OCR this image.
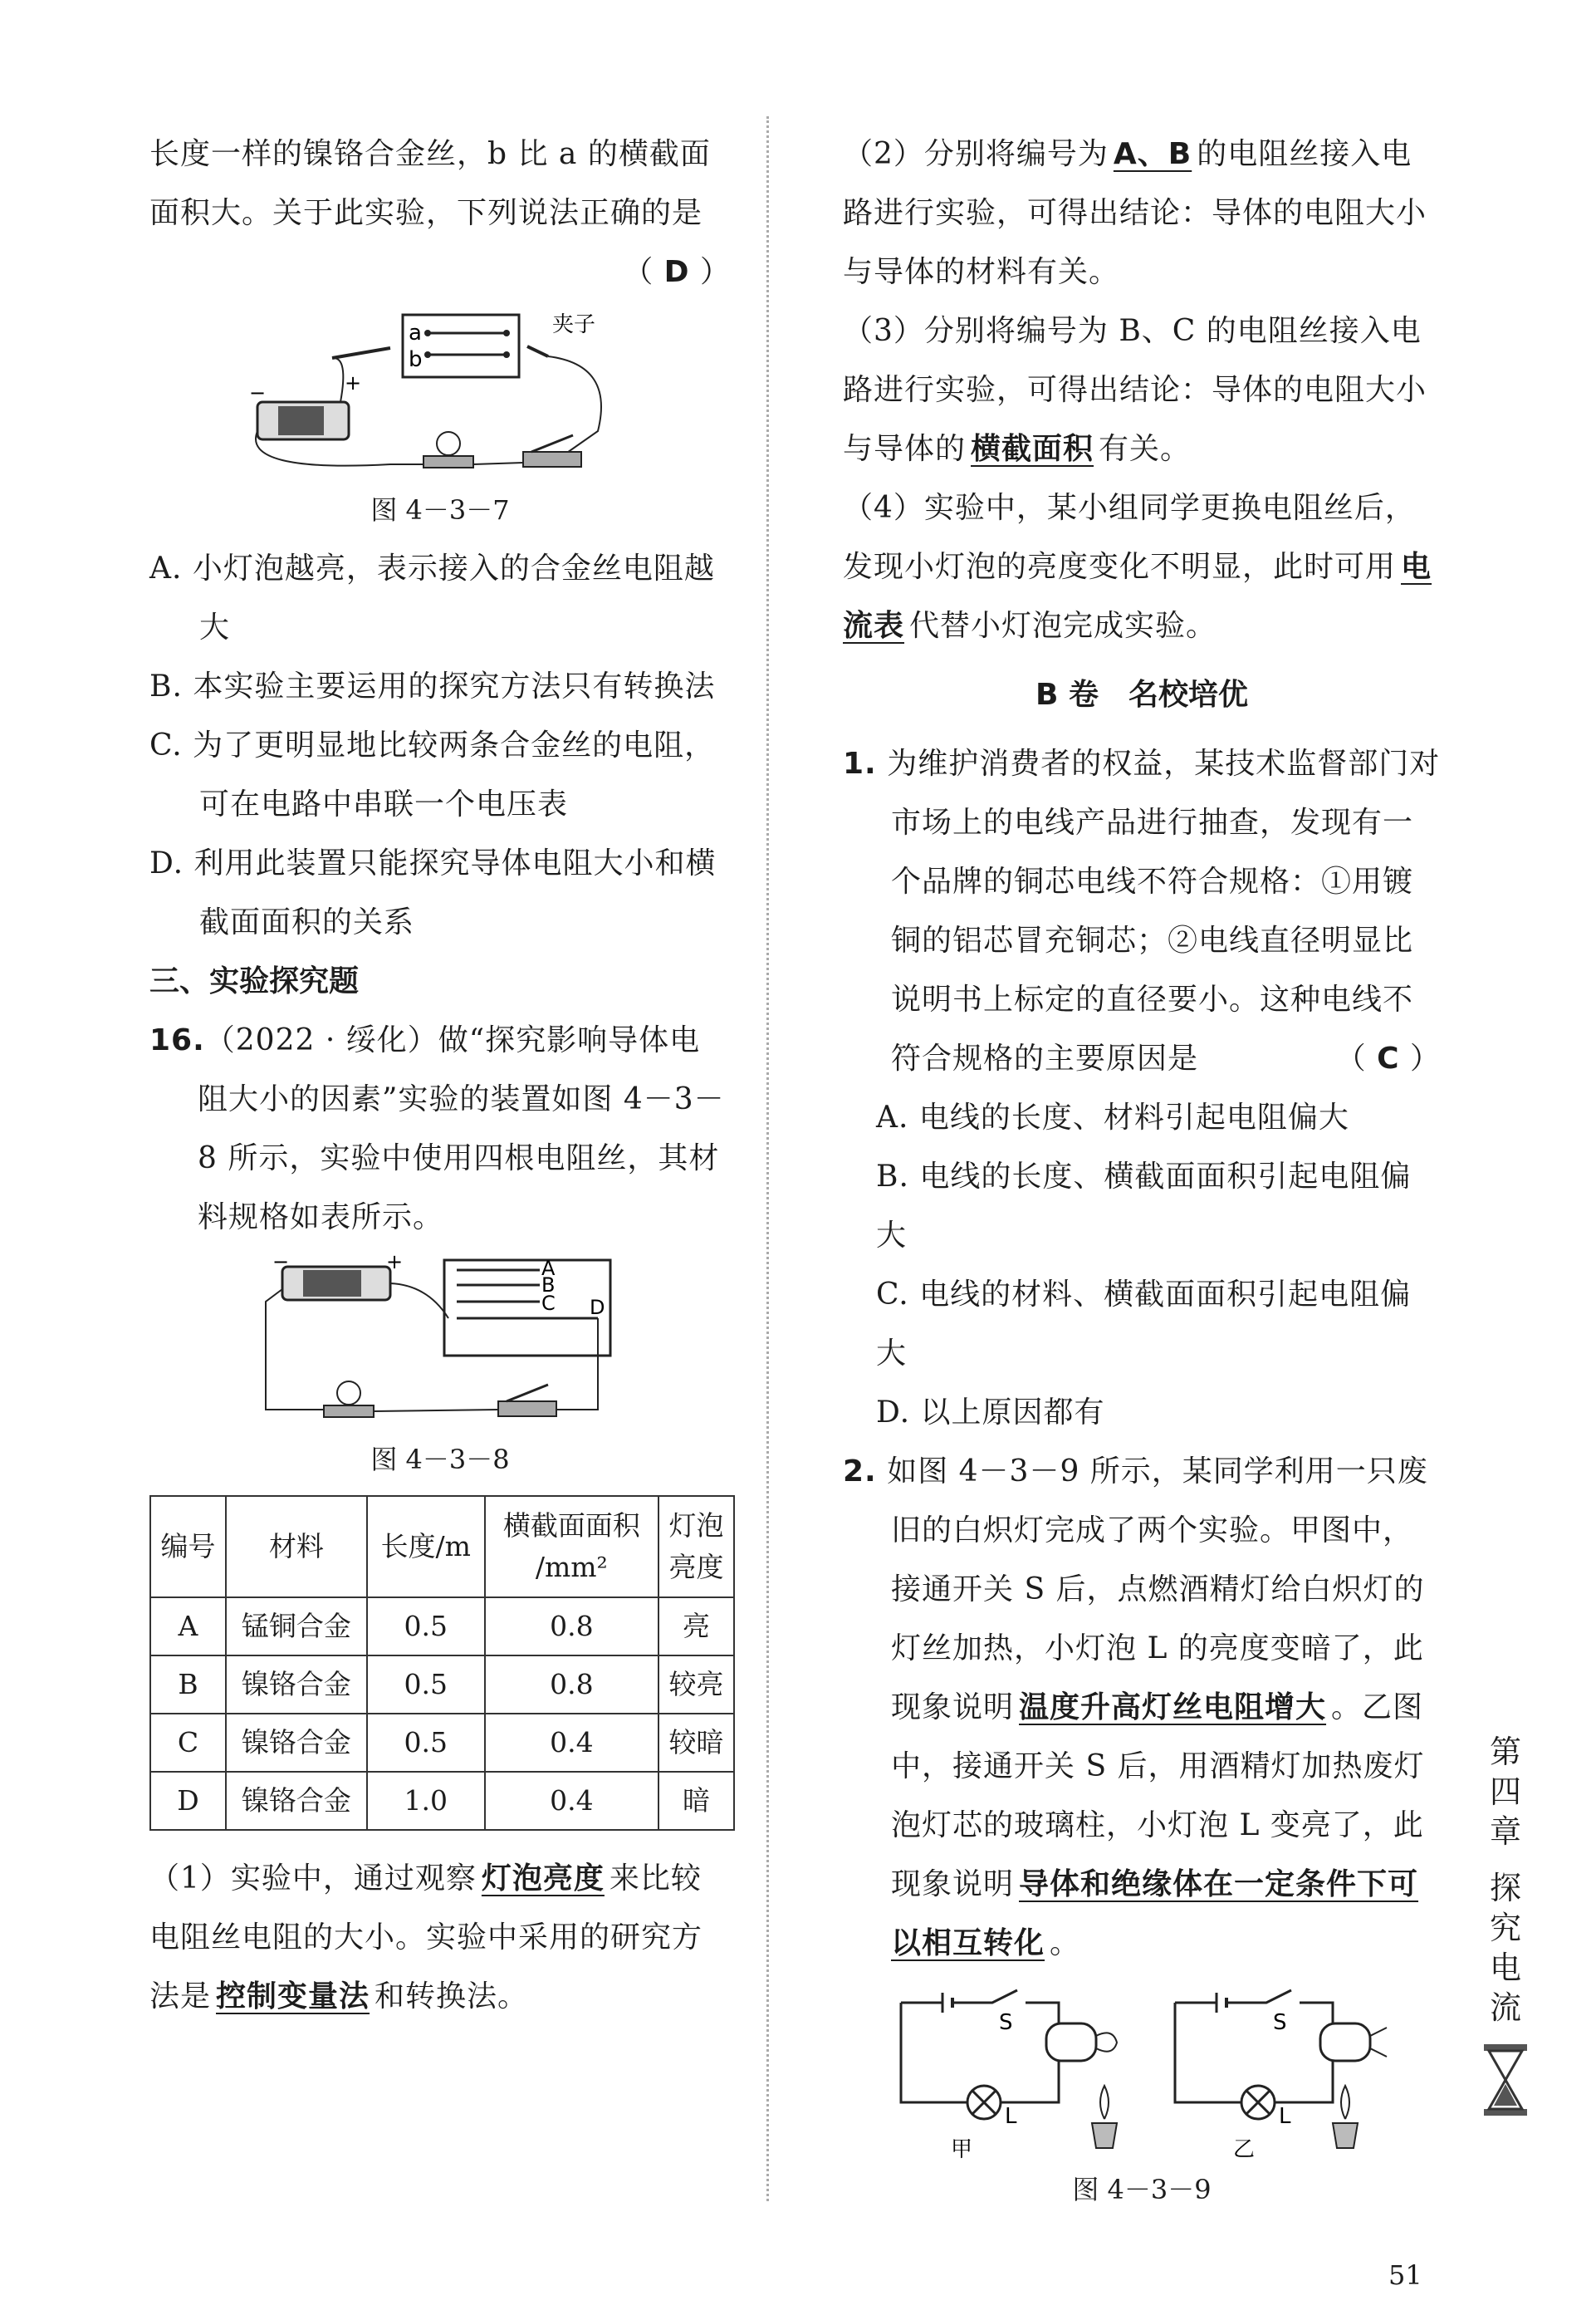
长度一样的镍铬合金丝，b 比 a 的横截面

面积大。关于此实验，下列说法正确的是

（ D ）

a
b
夹子
−	+

图 4－3－7

A. 小灯泡越亮，表示接入的合金丝电阻越大

B. 本实验主要运用的探究方法只有转换法

C. 为了更明显地比较两条合金丝的电阻，可在电路中串联一个电压表

D. 利用此装置只能探究导体电阻大小和横截面面积的关系

三、实验探究题

16.（2022 · 绥化）做“探究影响导体电阻大小的因素”实验的装置如图 4－3－8 所示，实验中使用四根电阻丝，其材料规格如表所示。

−	+	A
B
C D

图 4－3－8

编号	材料	长度/m	横截面面积
/mm²	灯泡
亮度
A	锰铜合金	0.5	0.8	亮
B	镍铬合金	0.5	0.8	较亮
C	镍铬合金	0.5	0.4	较暗
D	镍铬合金	1.0	0.4	暗

（1）实验中，通过观察 灯泡亮度 来比较电阻丝电阻的大小。实验中采用的研究方法是 控制变量法 和转换法。

（2）分别将编号为 A、B 的电阻丝接入电路进行实验，可得出结论：导体的电阻大小与导体的材料有关。

（3）分别将编号为 B、C 的电阻丝接入电路进行实验，可得出结论：导体的电阻大小与导体的 横截面积 有关。

（4）实验中，某小组同学更换电阻丝后，发现小灯泡的亮度变化不明显，此时可用 电流表 代替小灯泡完成实验。

B 卷　名校培优

1. 为维护消费者的权益，某技术监督部门对市场上的电线产品进行抽查，发现有一个品牌的铜芯电线不符合规格：①用镀铜的铝芯冒充铜芯；②电线直径明显比说明书上标定的直径要小。这种电线不符合规格的主要原因是	（ C ）

A. 电线的长度、材料引起电阻偏大

B. 电线的长度、横截面面积引起电阻偏大

C. 电线的材料、横截面面积引起电阻偏大

D. 以上原因都有

2. 如图 4－3－9 所示，某同学利用一只废旧的白炽灯完成了两个实验。甲图中，接通开关 S 后，点燃酒精灯给白炽灯的灯丝加热，小灯泡 L 的亮度变暗了，此现象说明 温度升高灯丝电阻增大 。乙图中，接通开关 S 后，用酒精灯加热废灯泡灯芯的玻璃柱，小灯泡 L 变亮了，此现象说明 导体和绝缘体在一定条件下可以相互转化 。

S
L
甲
S
L
乙

图 4－3－9

第
四
章
探
究
电
流
51
